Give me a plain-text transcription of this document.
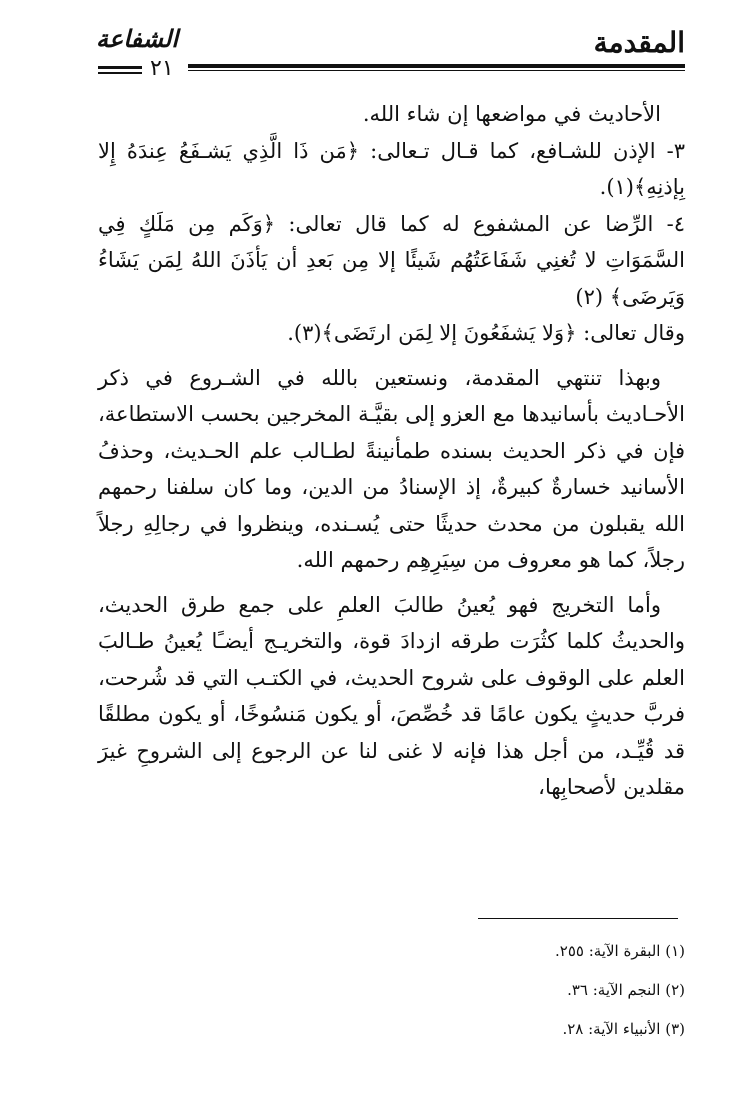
المقدمة
الشفاعة
٢١

الأحاديث في مواضعها إن شاء الله.

٣- الإذن للشـافع، كما قـال تـعالى: ﴿مَن ذَا الَّذِي يَشـفَعُ عِندَهُ إِلا بِإذنِهِ﴾(١).

٤- الرِّضا عن المشفوع له كما قال تعالى: ﴿وَكَم مِن مَلَكٍ فِي السَّمَوَاتِ لا تُغنِي شَفَاعَتُهُم شَيئًا إلا مِن بَعدِ أن يَأذَنَ اللهُ لِمَن يَشَاءُ وَيَرضَى﴾ (٢)

وقال تعالى: ﴿وَلا يَشفَعُونَ إلا لِمَن ارتَضَى﴾(٣).

وبهذا تنتهي المقدمة، ونستعين بالله في الشـروع في ذكر الأحـاديث بأسانيدها مع العزو إلى بقيَّـة المخرجين بحسب الاستطاعة، فإن في ذكر الحديث بسنده طمأنينةً لطـالب علم الحـديث، وحذفُ الأسانيد خسارةٌ كبيرةٌ، إذ الإسنادُ من الدين، وما كان سلفنا رحمهم الله يقبلون من محدث حديثًا حتى يُسـنده، وينظروا في رجالِهِ رجلاً رجلاً، كما هو معروف من سِيَرِهِم رحمهم الله.

وأما التخريج فهو يُعينُ طالبَ العلمِ على جمع طرق الحديث، والحديثُ كلما كثُرَت طرقه ازدادَ قوة، والتخريـج أيضـًا يُعينُ طـالبَ العلم على الوقوف على شروح الحديث، في الكتـب التي قد شُرحت، فربَّ حديثٍ يكون عامًا قد خُصِّصَ، أو يكون مَنسُوخًا، أو يكون مطلقًا قد قُيِّـد، من أجل هذا فإنه لا غنى لنا عن الرجوع إلى الشروحِ غيرَ مقلدين لأصحابِها،

(١) البقرة الآية: ٢٥٥.

(٢) النجم الآية: ٣٦.

(٣) الأنبياء الآية: ٢٨.
